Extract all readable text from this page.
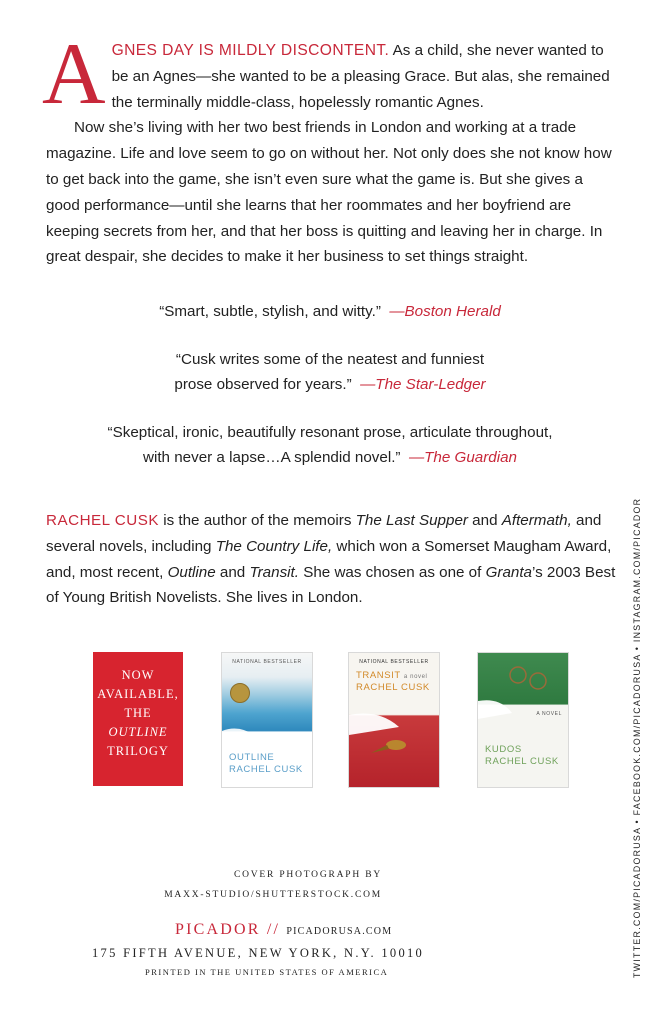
AGNES DAY IS MILDLY DISCONTENT. As a child, she never wanted to be an Agnes—she wanted to be a pleasing Grace. But alas, she remained the terminally middle-class, hopelessly romantic Agnes.

Now she’s living with her two best friends in London and working at a trade magazine. Life and love seem to go on without her. Not only does she not know how to get back into the game, she isn’t even sure what the game is. But she gives a good performance—until she learns that her roommates and her boyfriend are keeping secrets from her, and that her boss is quitting and leaving her in charge. In great despair, she decides to make it her business to set things straight.

“Smart, subtle, stylish, and witty.” —Boston Herald
“Cusk writes some of the neatest and funniest
prose observed for years.” —The Star-Ledger
“Skeptical, ironic, beautifully resonant prose, articulate throughout,
with never a lapse…A splendid novel.” —The Guardian
RACHEL CUSK is the author of the memoirs The Last Supper and Aftermath, and several novels, including The Country Life, which won a Somerset Maugham Award, and, most recent, Outline and Transit. She was chosen as one of Granta’s 2003 Best of Young British Novelists. She lives in London.
NOW
AVAILABLE,
THE
OUTLINE
TRILOGY
NATIONAL BESTSELLER
OUTLINE
RACHEL CUSK
NATIONAL BESTSELLER
TRANSIT a novel
RACHEL CUSK
A NOVEL
KUDOS
RACHEL CUSK
COVER PHOTOGRAPH BY
MAXX-STUDIO/SHUTTERSTOCK.COM
PICADOR // PICADORUSA.COM
175 FIFTH AVENUE, NEW YORK, N.Y. 10010
PRINTED IN THE UNITED STATES OF AMERICA	TWITTER.COM/PICADORUSA • FACEBOOK.COM/PICADORUSA • INSTAGRAM.COM/PICADOR
